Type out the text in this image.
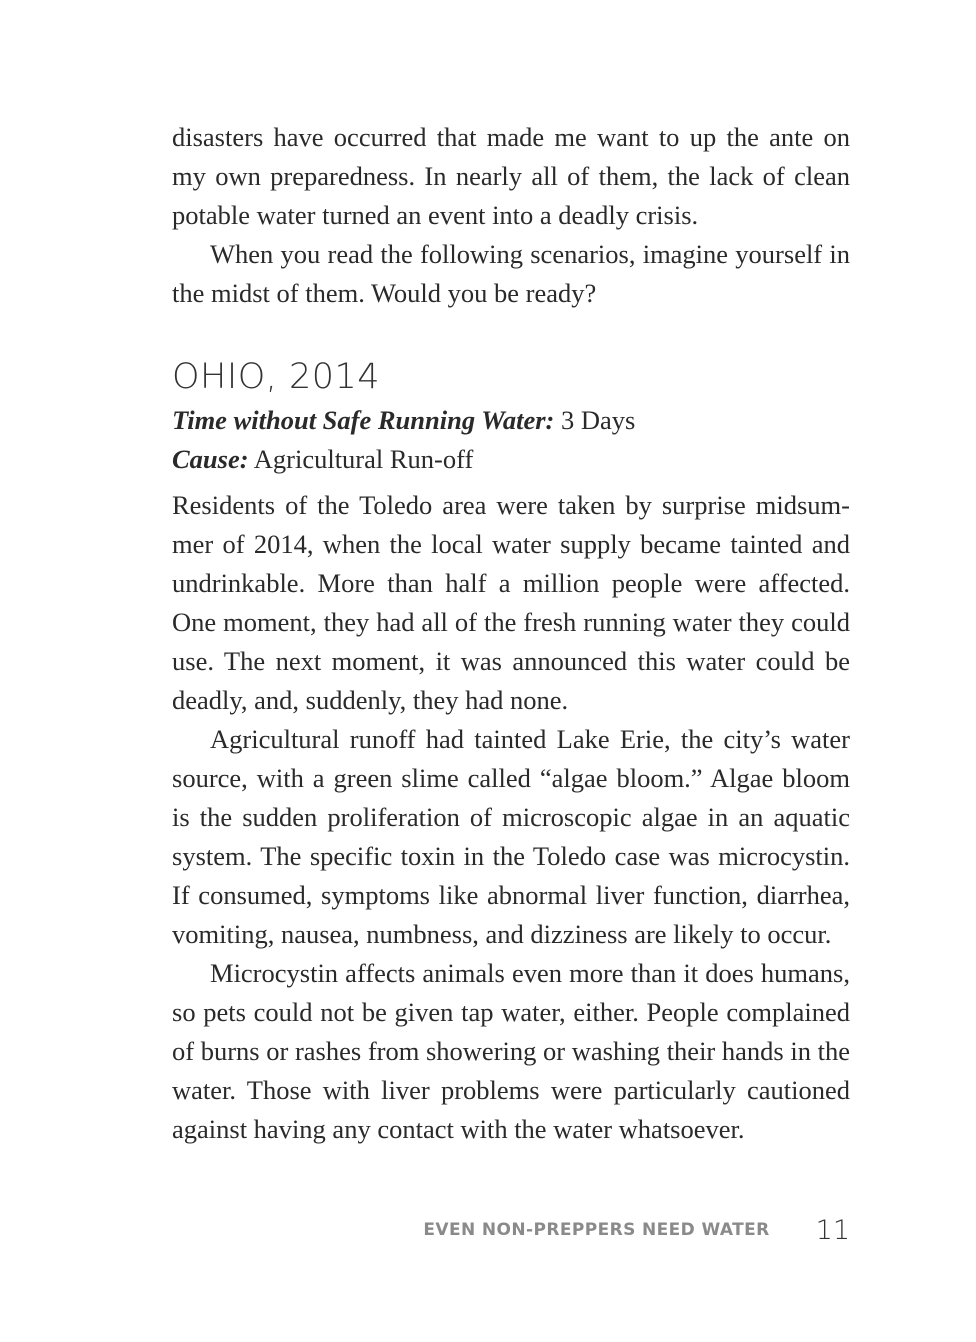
disasters have occurred that made me want to up the ante on my own preparedness. In nearly all of them, the lack of clean potable water turned an event into a deadly crisis.

When you read the following scenarios, imagine yourself in the midst of them. Would you be ready?

OHIO, 2014

Time without Safe Running Water: 3 Days

Cause: Agricultural Run-off

Residents of the Toledo area were taken by surprise midsummer of 2014, when the local water supply became tainted and undrinkable. More than half a million people were affected. One moment, they had all of the fresh running water they could use. The next moment, it was announced this water could be deadly, and, suddenly, they had none.

Agricultural runoff had tainted Lake Erie, the city’s water source, with a green slime called “algae bloom.” Algae bloom is the sudden proliferation of microscopic algae in an aquatic system. The specific toxin in the Toledo case was microcystin. If consumed, symptoms like abnormal liver function, diarrhea, vomiting, nausea, numbness, and dizziness are likely to occur.

Microcystin affects animals even more than it does humans, so pets could not be given tap water, either. People complained of burns or rashes from showering or washing their hands in the water. Those with liver problems were particularly cautioned against having any contact with the water whatsoever.

EVEN NON-PREPPERS NEED WATER 11
